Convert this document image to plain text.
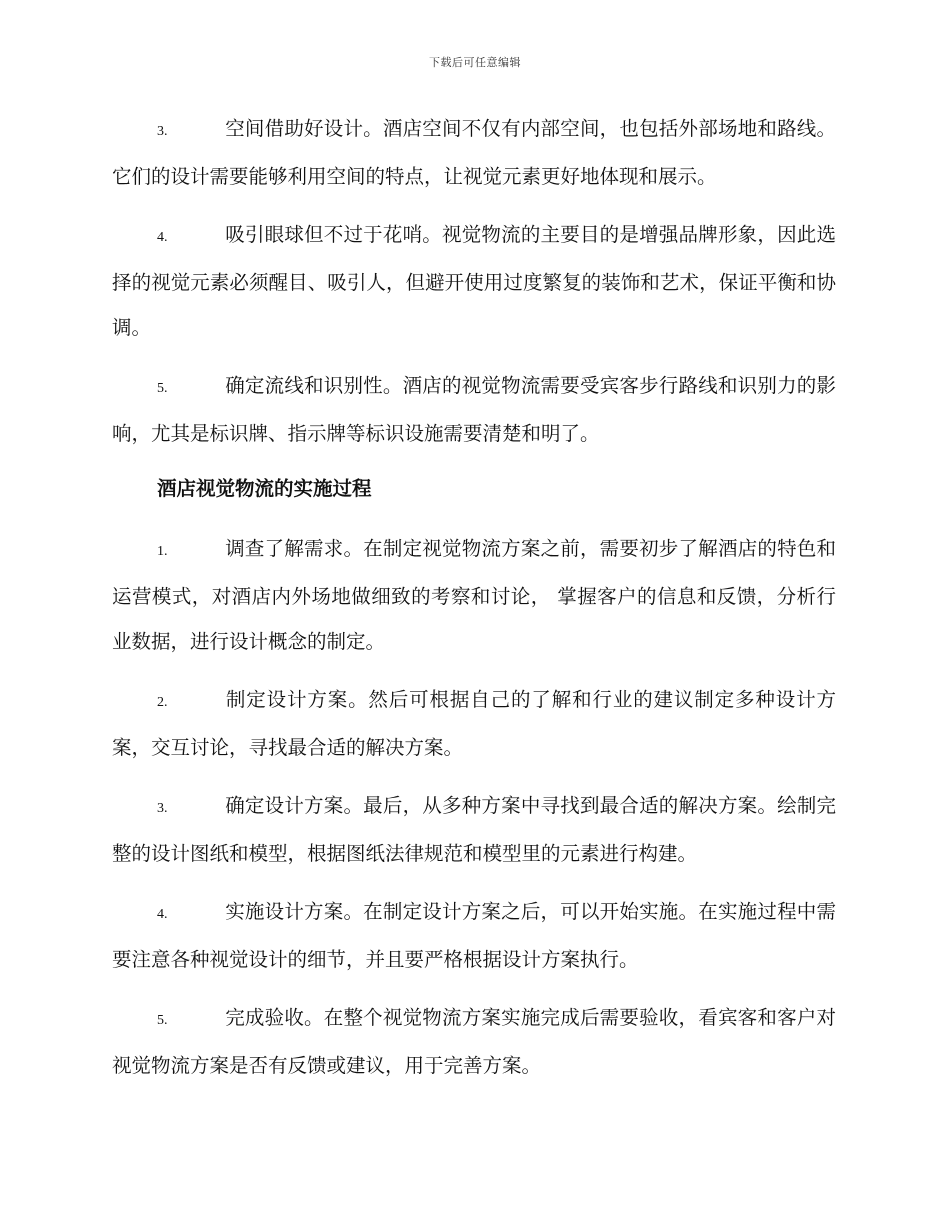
下载后可任意编辑
3.	空间借助好设计。酒店空间不仅有内部空间，也包括外部场地和路线。它们的设计需要能够利用空间的特点，让视觉元素更好地体现和展示。
4.	吸引眼球但不过于花哨。视觉物流的主要目的是增强品牌形象，因此选择的视觉元素必须醒目、吸引人，但避开使用过度繁复的装饰和艺术，保证平衡和协调。
5.	确定流线和识别性。酒店的视觉物流需要受宾客步行路线和识别力的影响，尤其是标识牌、指示牌等标识设施需要清楚和明了。
酒店视觉物流的实施过程
1.	调查了解需求。在制定视觉物流方案之前，需要初步了解酒店的特色和运营模式，对酒店内外场地做细致的考察和讨论， 掌握客户的信息和反馈，分析行业数据，进行设计概念的制定。
2.	制定设计方案。然后可根据自己的了解和行业的建议制定多种设计方案，交互讨论，寻找最合适的解决方案。
3.	确定设计方案。最后，从多种方案中寻找到最合适的解决方案。绘制完整的设计图纸和模型，根据图纸法律规范和模型里的元素进行构建。
4.	实施设计方案。在制定设计方案之后，可以开始实施。在实施过程中需要注意各种视觉设计的细节，并且要严格根据设计方案执行。
5.	完成验收。在整个视觉物流方案实施完成后需要验收，看宾客和客户对视觉物流方案是否有反馈或建议，用于完善方案。
